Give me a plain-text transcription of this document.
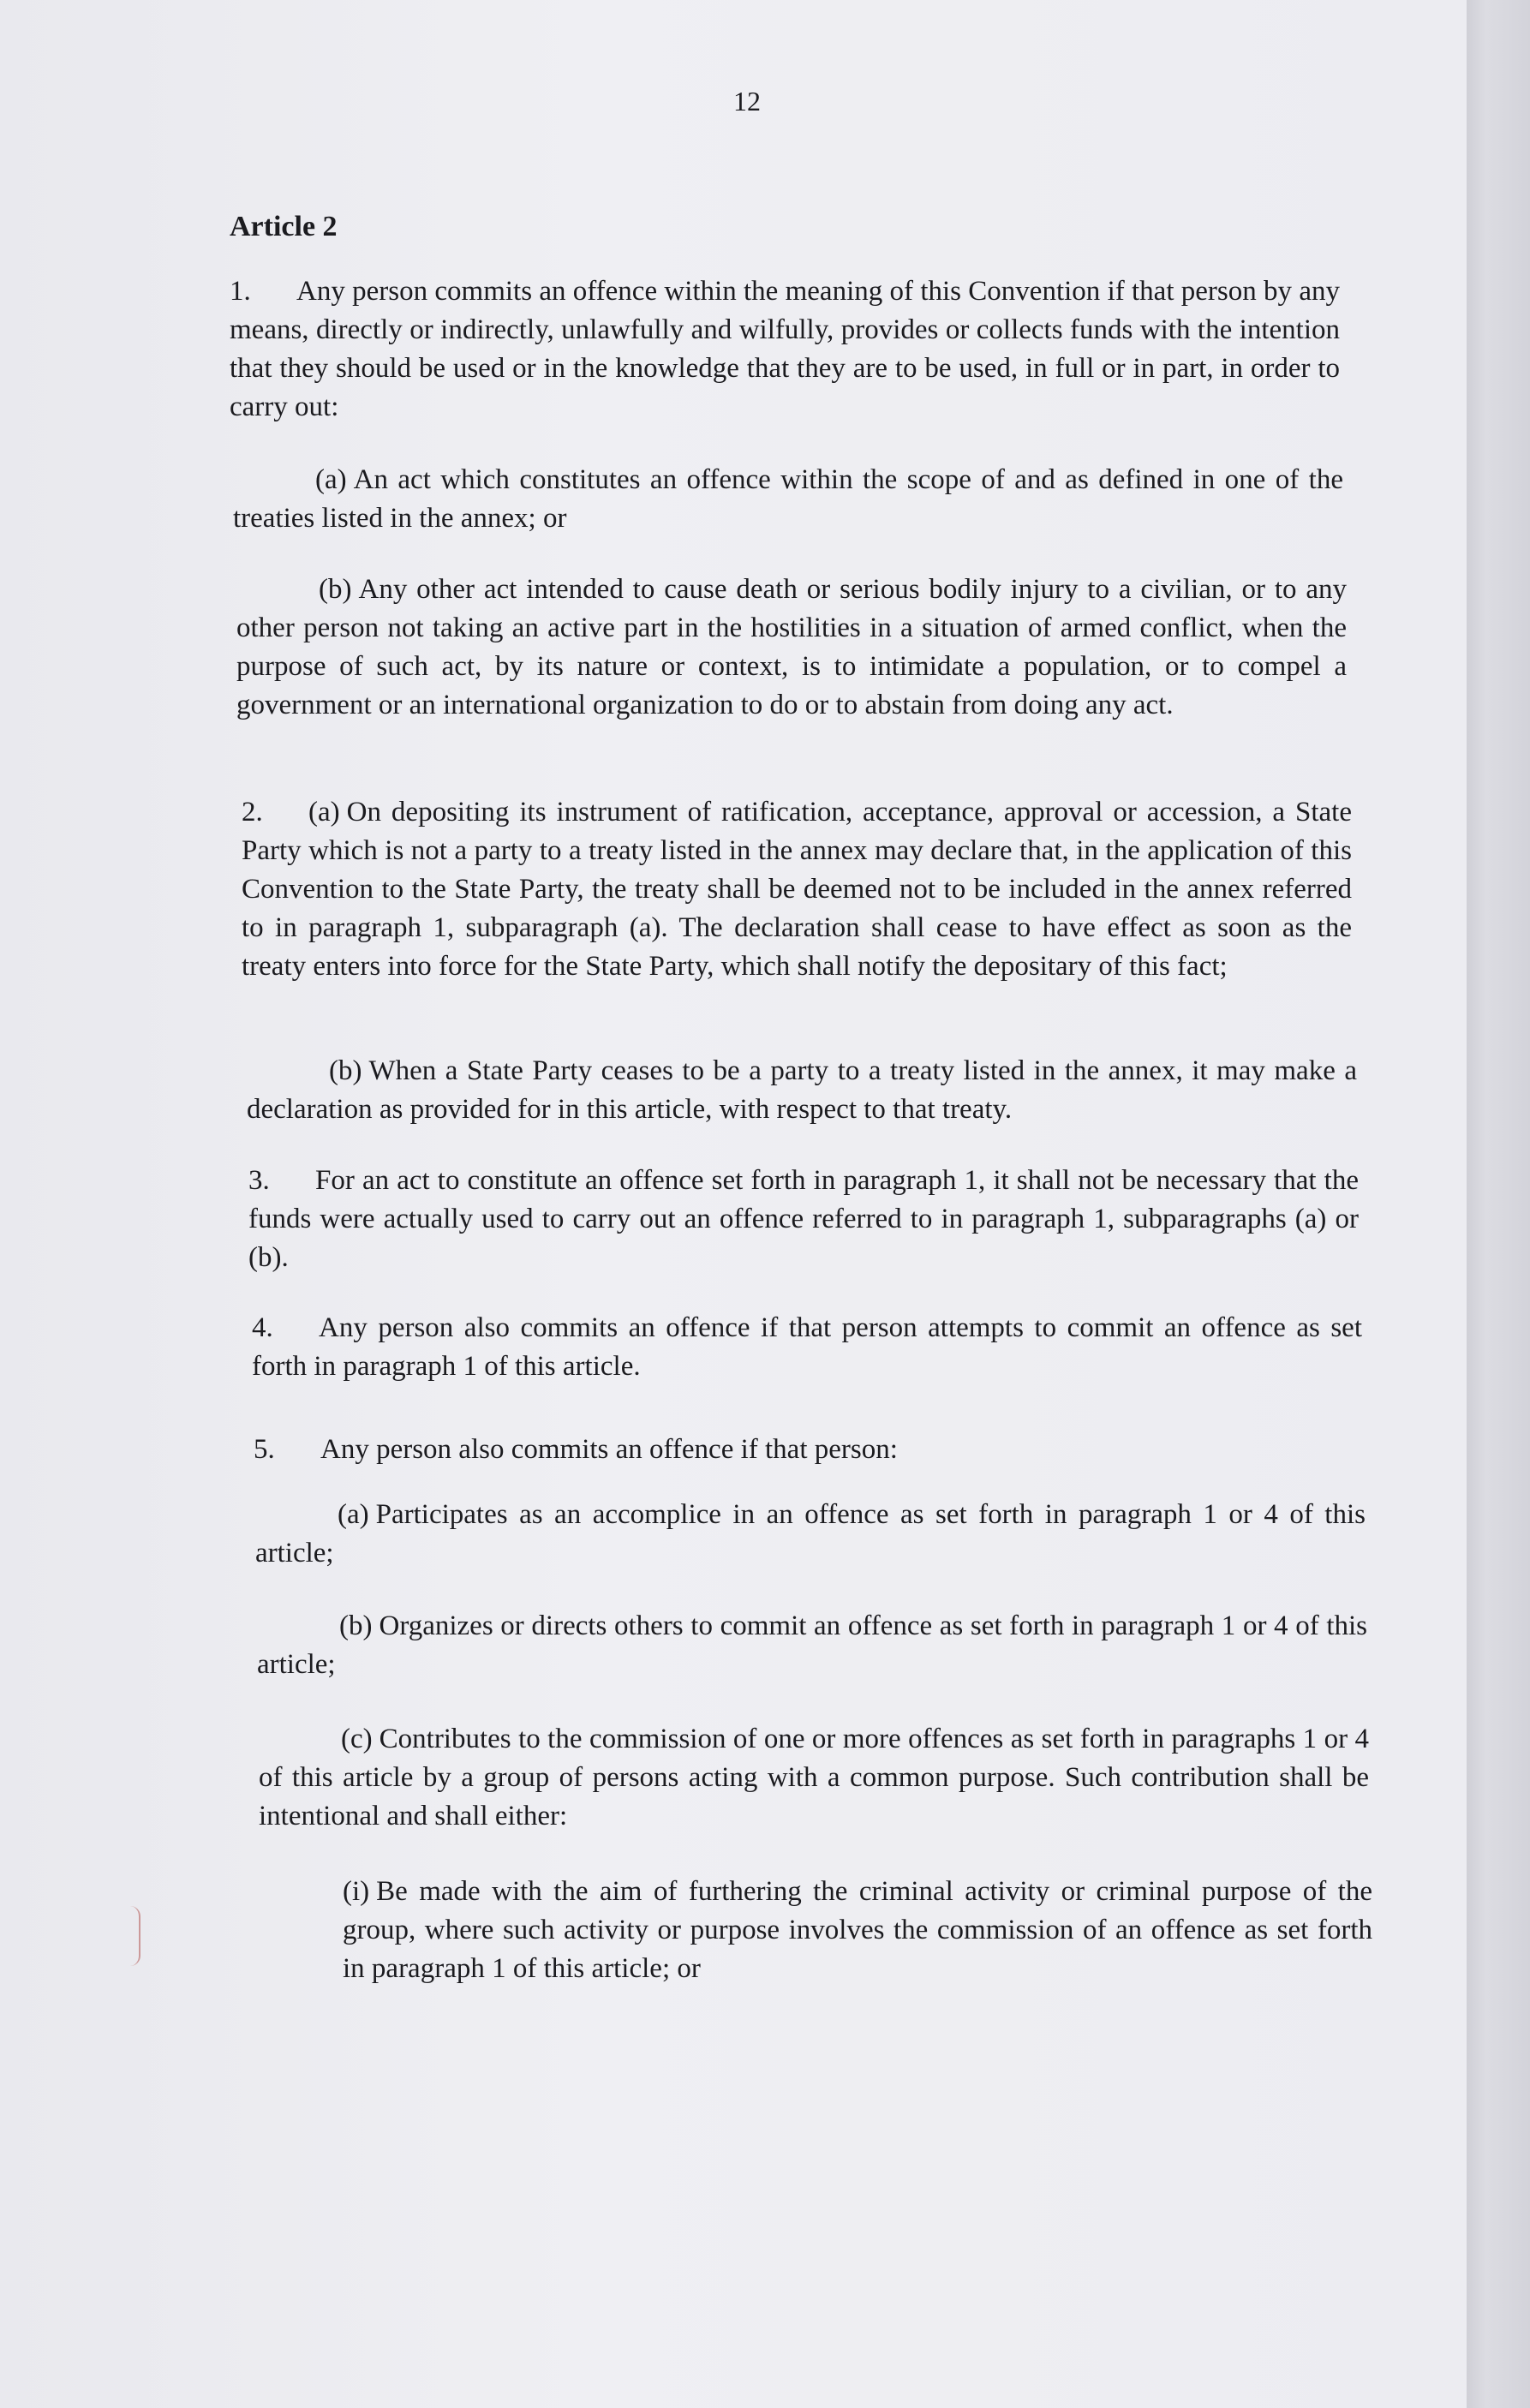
12
Article 2
1. Any person commits an offence within the meaning of this Convention if that person by any means, directly or indirectly, unlawfully and wilfully, provides or collects funds with the intention that they should be used or in the knowledge that they are to be used, in full or in part, in order to carry out:
(a) An act which constitutes an offence within the scope of and as defined in one of the treaties listed in the annex; or
(b) Any other act intended to cause death or serious bodily injury to a civilian, or to any other person not taking an active part in the hostilities in a situation of armed conflict, when the purpose of such act, by its nature or context, is to intimidate a population, or to compel a government or an international organization to do or to abstain from doing any act.
2. (a) On depositing its instrument of ratification, acceptance, approval or accession, a State Party which is not a party to a treaty listed in the annex may declare that, in the application of this Convention to the State Party, the treaty shall be deemed not to be included in the annex referred to in paragraph 1, subparagraph (a). The declaration shall cease to have effect as soon as the treaty enters into force for the State Party, which shall notify the depositary of this fact;
(b) When a State Party ceases to be a party to a treaty listed in the annex, it may make a declaration as provided for in this article, with respect to that treaty.
3. For an act to constitute an offence set forth in paragraph 1, it shall not be necessary that the funds were actually used to carry out an offence referred to in paragraph 1, subparagraphs (a) or (b).
4. Any person also commits an offence if that person attempts to commit an offence as set forth in paragraph 1 of this article.
5. Any person also commits an offence if that person:
(a) Participates as an accomplice in an offence as set forth in paragraph 1 or 4 of this article;
(b) Organizes or directs others to commit an offence as set forth in paragraph 1 or 4 of this article;
(c) Contributes to the commission of one or more offences as set forth in paragraphs 1 or 4 of this article by a group of persons acting with a common purpose. Such contribution shall be intentional and shall either:
(i) Be made with the aim of furthering the criminal activity or criminal purpose of the group, where such activity or purpose involves the commission of an offence as set forth in paragraph 1 of this article; or
